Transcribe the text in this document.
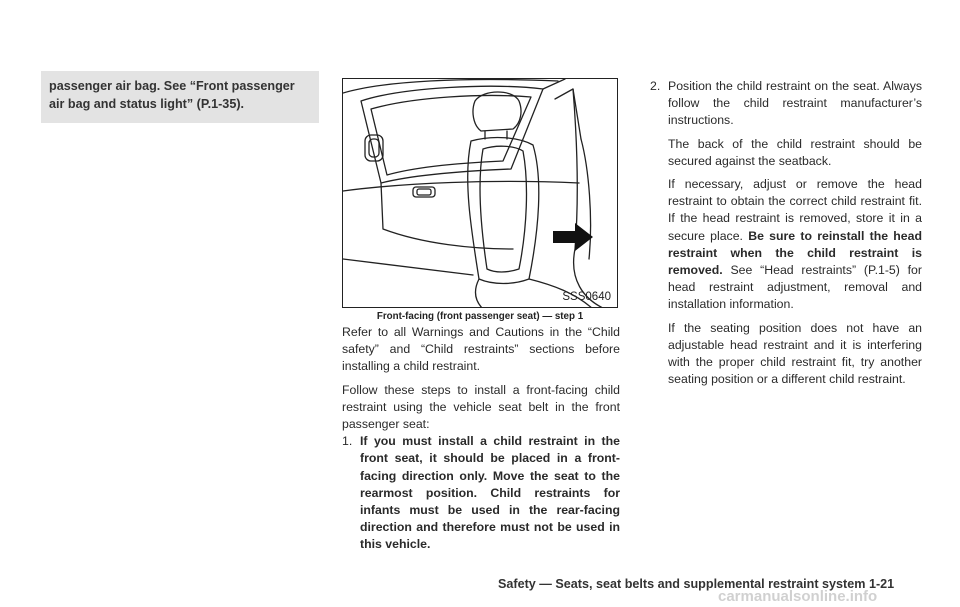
passenger air bag. See “Front passenger air bag and status light” (P.1-35).
SSS0640
Front-facing (front passenger seat) — step 1

Refer to all Warnings and Cautions in the “Child safety” and “Child restraints” sections before installing a child restraint.

Follow these steps to install a front-facing child restraint using the vehicle seat belt in the front passenger seat:

1. If you must install a child restraint in the front seat, it should be placed in a front-facing direction only. Move the seat to the rearmost position. Child restraints for infants must be used in the rear-facing direction and therefore must not be used in this vehicle.
2. Position the child restraint on the seat. Always follow the child restraint manufacturer’s instructions.

The back of the child restraint should be secured against the seatback.

If necessary, adjust or remove the head restraint to obtain the correct child restraint fit. If the head restraint is removed, store it in a secure place. Be sure to reinstall the head restraint when the child restraint is removed. See “Head restraints” (P.1-5) for head restraint adjustment, removal and installation information.

If the seating position does not have an adjustable head restraint and it is interfering with the proper child restraint fit, try another seating position or a different child restraint.

Safety — Seats, seat belts and supplemental restraint system 1-21
carmanualsonline.info
